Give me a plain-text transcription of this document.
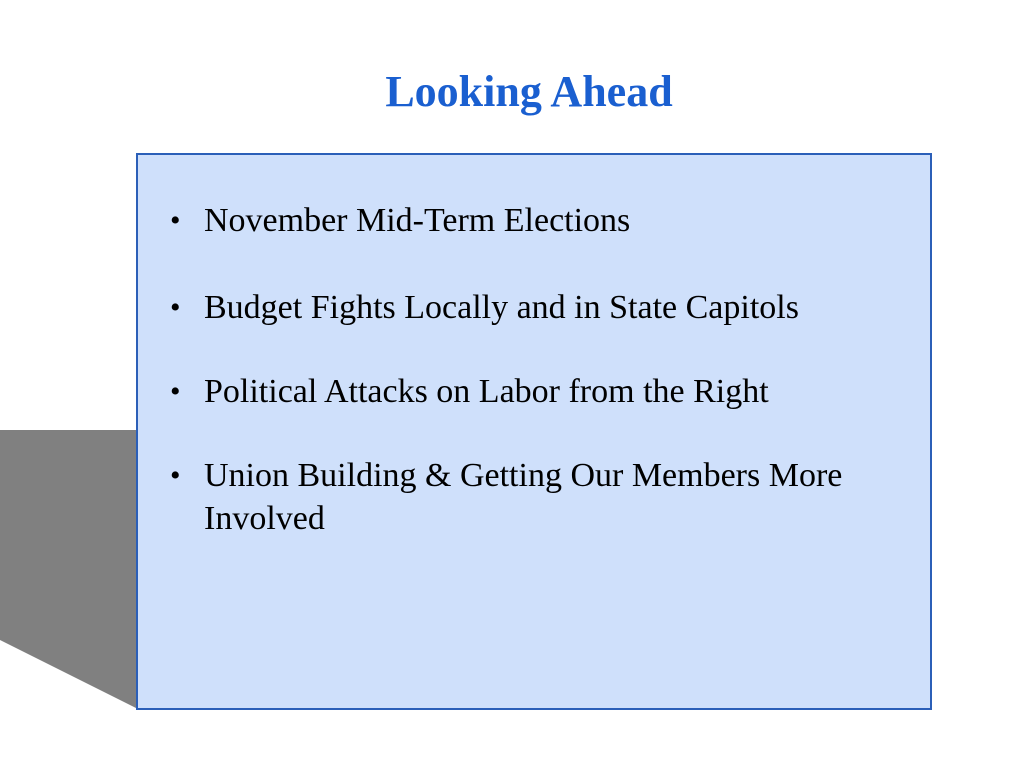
Looking Ahead
• November Mid-Term Elections
• Budget Fights Locally and in State Capitols
• Political Attacks on Labor from the Right
• Union Building & Getting Our Members More Involved
